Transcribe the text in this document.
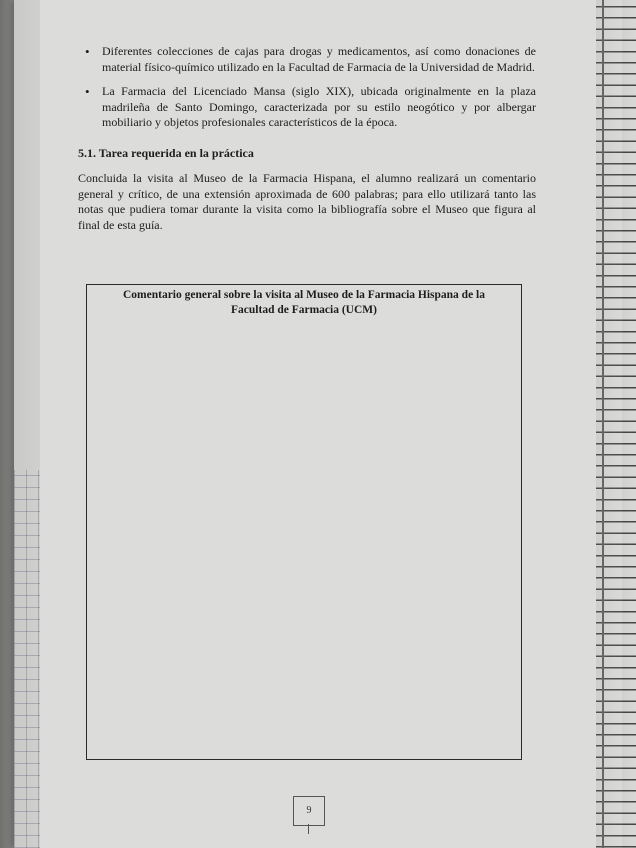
• Diferentes colecciones de cajas para drogas y medicamentos, así como donaciones de material físico-químico utilizado en la Facultad de Farmacia de la Universidad de Madrid.
• La Farmacia del Licenciado Mansa (siglo XIX), ubicada originalmente en la plaza madrileña de Santo Domingo, caracterizada por su estilo neogótico y por albergar mobiliario y objetos profesionales característicos de la época.
5.1. Tarea requerida en la práctica

Concluida la visita al Museo de la Farmacia Hispana, el alumno realizará un comentario general y crítico, de una extensión aproximada de 600 palabras; para ello utilizará tanto las notas que pudiera tomar durante la visita como la bibliografía sobre el Museo que figura al final de esta guía.

Comentario general sobre la visita al Museo de la Farmacia Hispana de la Facultad de Farmacia (UCM)
9
